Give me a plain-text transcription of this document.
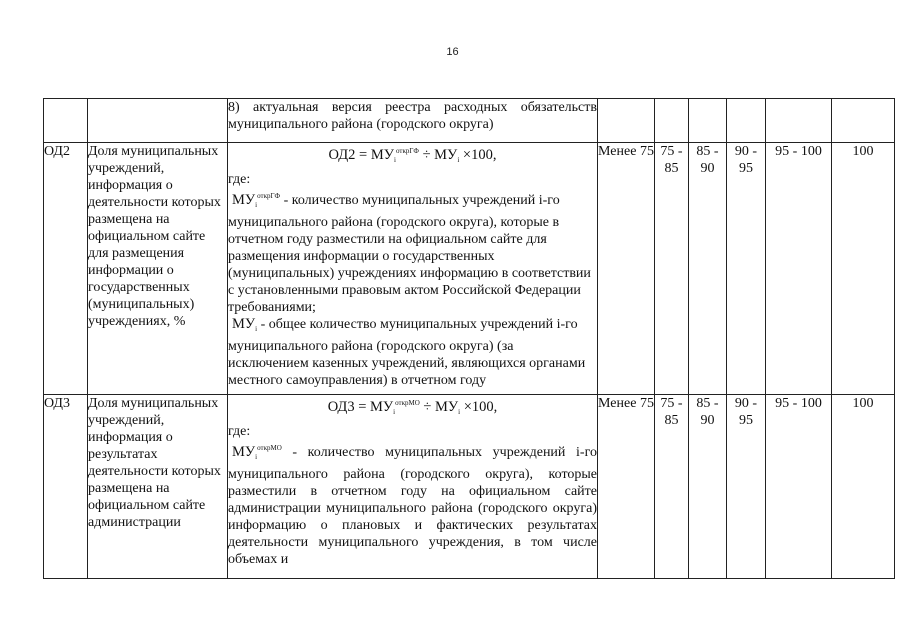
16

		8) актуальная версия реестра расходных обязательств муниципального района (городского округа)						

ОД2	Доля муниципальных учреждений, информация о деятельности которых размещена на официальном сайте для размещения информации о государственных (муниципальных) учреждениях, %	$ОД2 = МУ_i^{открГФ} \div МУ_i \times 100$,

где:

$МУ_i^{открГФ}$ - количество муниципальных учреждений i-го муниципального района (городского округа), которые в отчетном году разместили на официальном сайте для размещения информации о государственных (муниципальных) учреждениях информацию в соответствии с установленными правовым актом Российской Федерации требованиями;

$МУ_i$ - общее количество муниципальных учреждений i-го муниципального района (городского округа) (за исключением казенных учреждений, являющихся органами местного самоуправления) в отчетном году	Менее 75	75 - 85	85 - 90	90 - 95	95 - 100	100
ОД3	Доля муниципальных учреждений, информация о результатах деятельности которых размещена на официальном сайте администрации	$ОД3 = МУ_i^{открМО} \div МУ_i \times 100$,

где:

$МУ_i^{открМО}$ - количество муниципальных учреждений i-го муниципального района (городского округа), которые разместили в отчетном году на официальном сайте администрации муниципального района (городского округа) информацию о плановых и фактических результатах деятельности муниципального учреждения, в том числе объемах и	Менее 75	75 - 85	85 - 90	90 - 95	95 - 100	100
